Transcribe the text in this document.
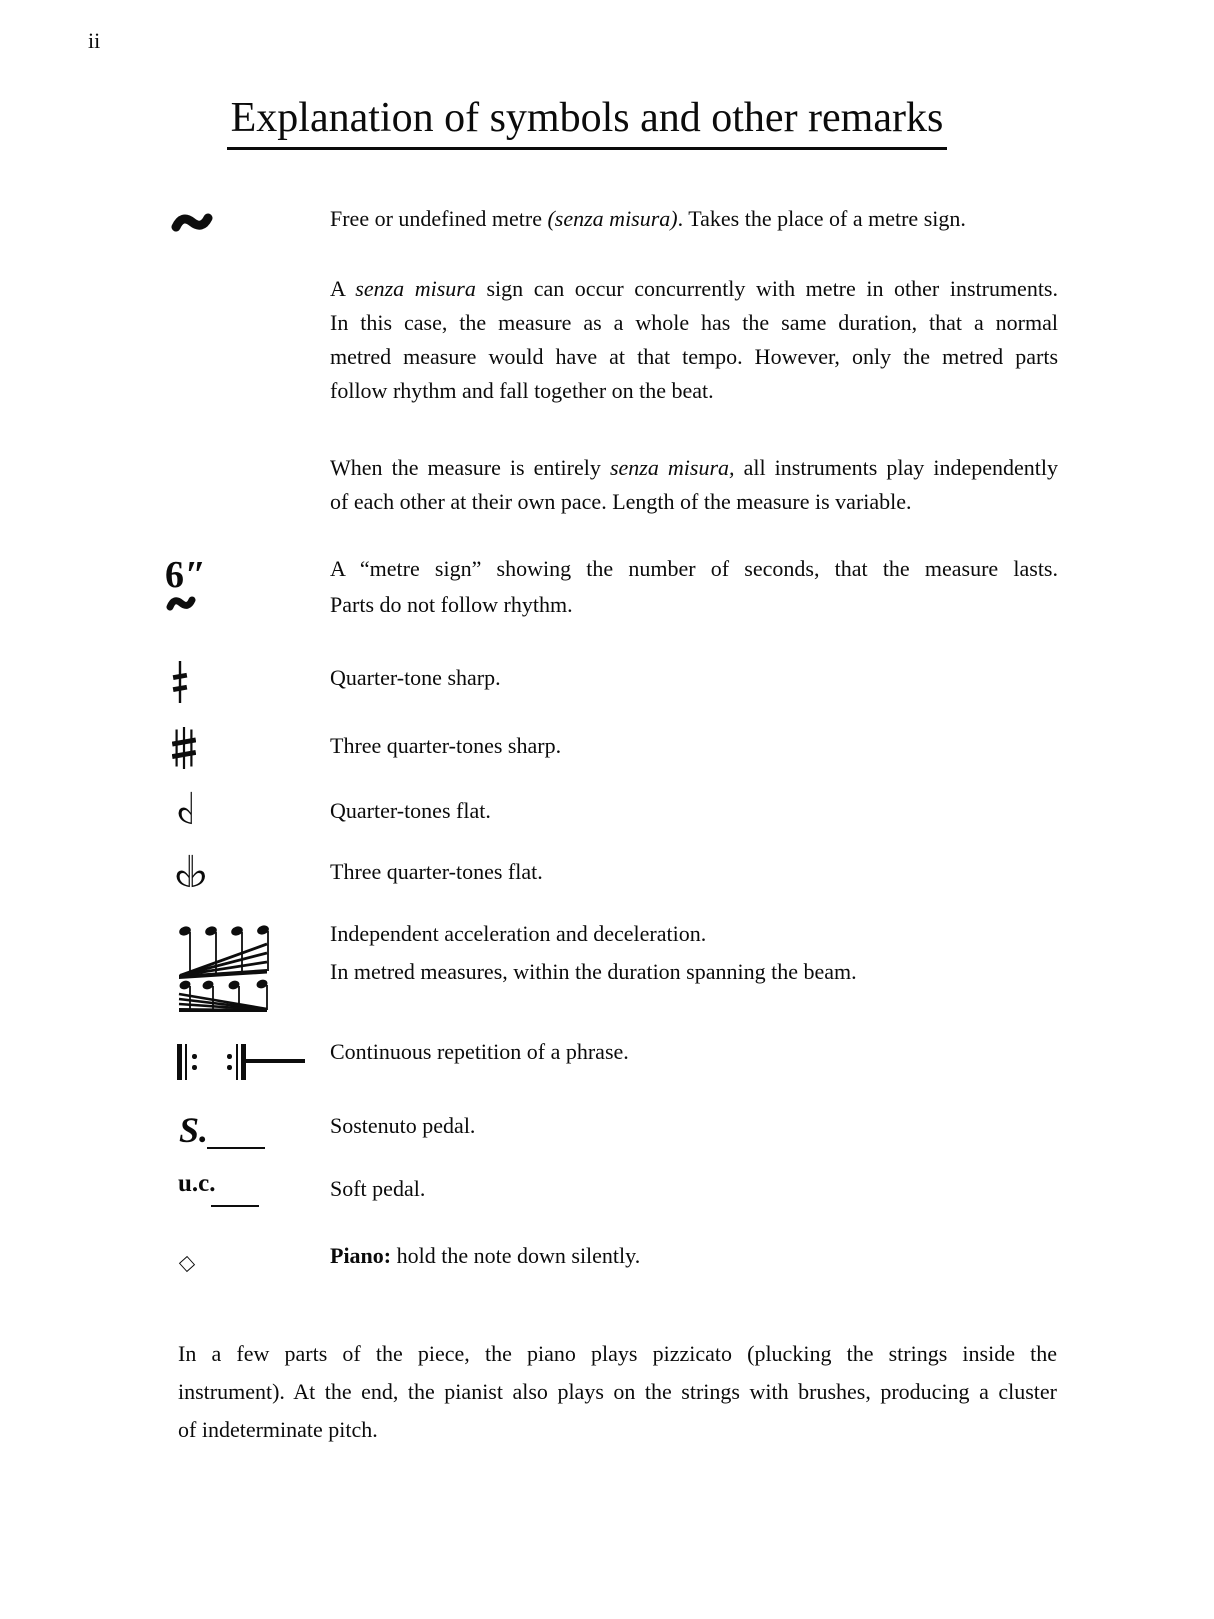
ii
Explanation of symbols and other remarks
Free or undefined metre (senza misura). Takes the place of a metre sign.
A senza misura sign can occur concurrently with metre in other instruments.
In this case, the measure as a whole has the same duration, that a normal
metred measure would have at that tempo. However, only the metred parts
follow rhythm and fall together on the beat.
When the measure is entirely senza misura, all instruments play independently
of each other at their own pace. Length of the measure is variable.
6″	A “metre sign” showing the number of seconds, that the measure lasts.
Parts do not follow rhythm.
Quarter-tone sharp.
Three quarter-tones sharp.
♭	Quarter-tones flat.
♭♭	Three quarter-tones flat.
Independent acceleration and deceleration.
In metred measures, within the duration spanning the beam.
Continuous repetition of a phrase.
S.	Sostenuto pedal.
u.c.	Soft pedal.
Piano: hold the note down silently.
In a few parts of the piece, the piano plays pizzicato (plucking the strings inside the
instrument). At the end, the pianist also plays on the strings with brushes, producing a cluster
of indeterminate pitch.
